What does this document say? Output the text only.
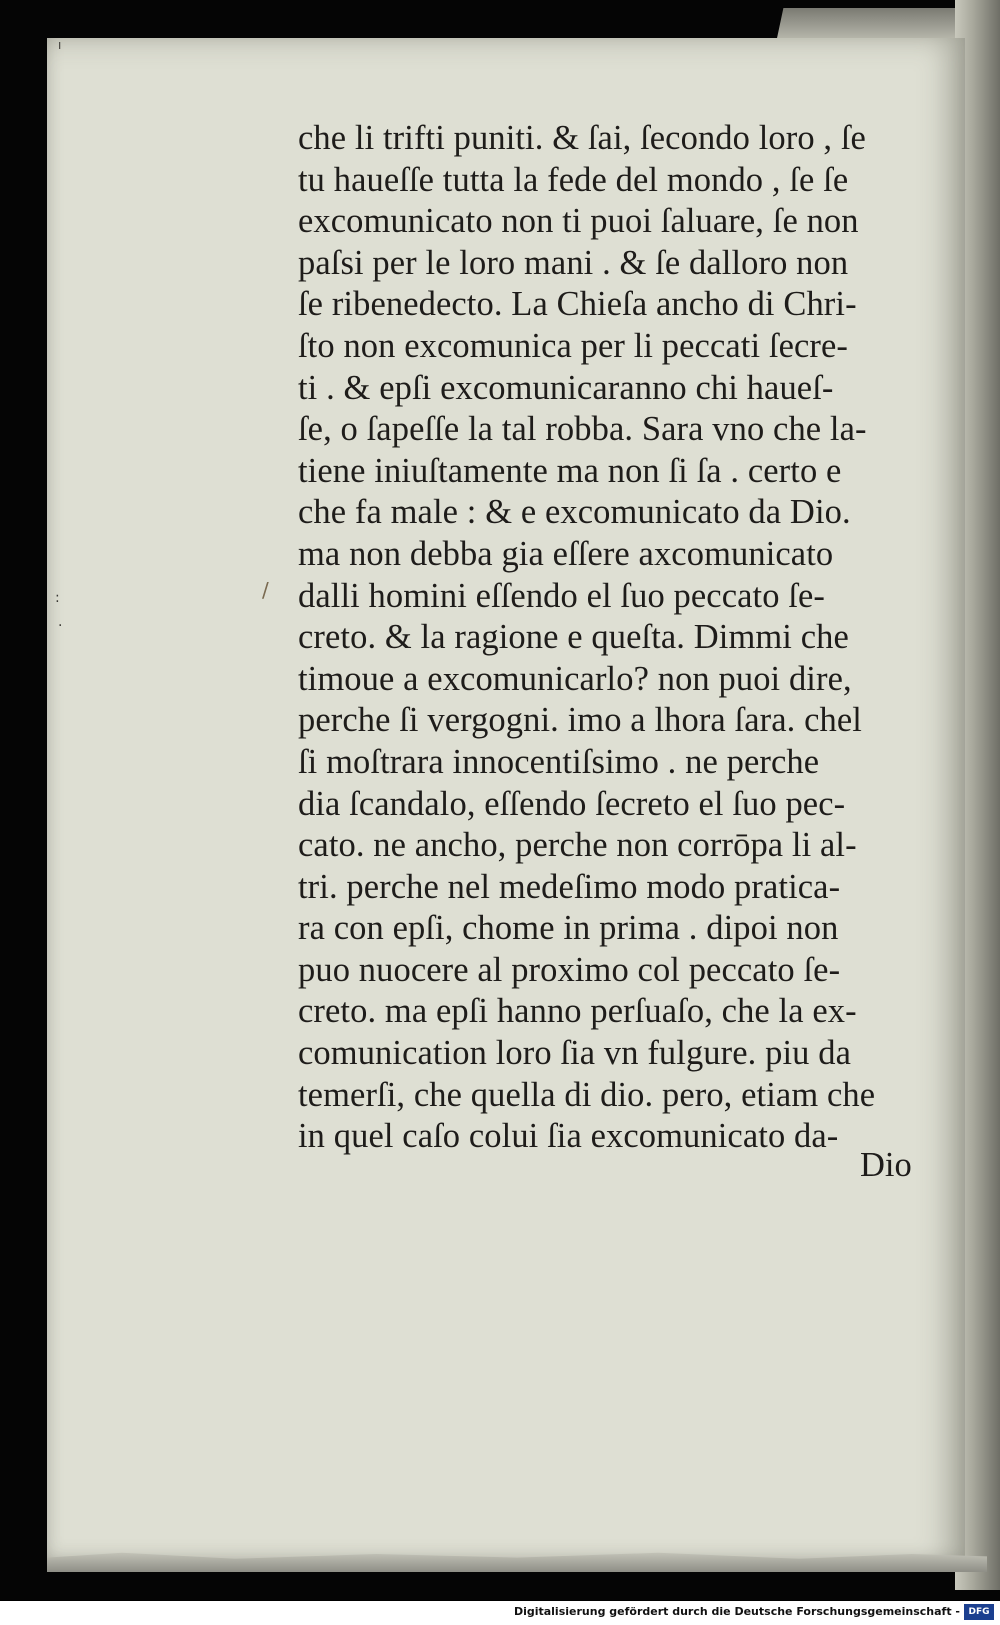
ı
:
·
/
che li trifti puniti. & ſai, ſecondo loro , ſe
tu haueſſe tutta la fede del mondo , ſe ſe
excomunicato non ti puoi ſaluare, ſe non
paſsi per le loro mani . & ſe dalloro non
ſe ribenedecto. La Chieſa ancho di Chri-
ſto non excomunica per li peccati ſecre-
ti . & epſi excomunicaranno chi haueſ-
ſe, o ſapeſſe la tal robba. Sara vno che la-
tiene iniuſtamente ma non ſi ſa . certo e
che fa male : & e excomunicato da Dio.
ma non debba gia eſſere axcomunicato
dalli homini eſſendo el ſuo peccato ſe-
creto. & la ragione e queſta. Dimmi che
timoue a excomunicarlo? non puoi dire,
perche ſi vergogni. imo a lhora ſara. chel
ſi moſtrara innocentiſsimo . ne perche
dia ſcandalo, eſſendo ſecreto el ſuo pec-
cato. ne ancho, perche non corrōpa li al-
tri. perche nel medeſimo modo pratica-
ra con epſi, chome in prima . dipoi non
puo nuocere al proximo col peccato ſe-
creto. ma epſi hanno perſuaſo, che la ex-
comunication loro ſia vn fulgure. piu da
temerſi, che quella di dio. pero, etiam che
in quel caſo colui ſia excomunicato da-
Dio
Digitalisierung gefördert durch die Deutsche Forschungsgemeinschaft - DFG
